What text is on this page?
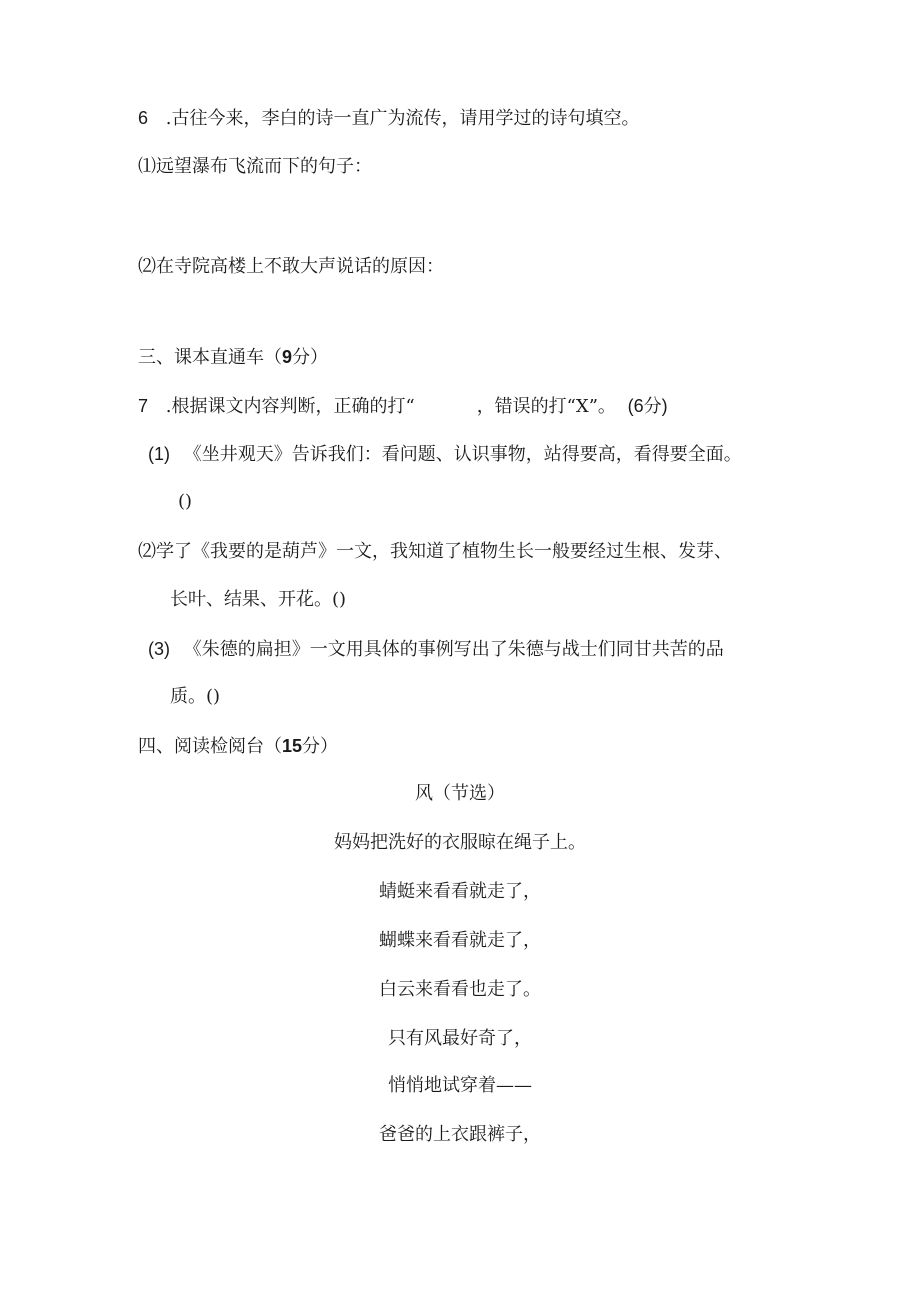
6 .古往今来，李白的诗一直广为流传，请用学过的诗句填空。
⑴远望瀑布飞流而下的句子：
⑵在寺院高楼上不敢大声说话的原因：
三、课本直通车（9分）
7 .根据课文内容判断，正确的打“	，错误的打“X”。 (6分)
(1) 《坐井观天》告诉我们：看问题、认识事物，站得要高，看得要全面。
()
⑵学了《我要的是葫芦》一文，我知道了植物生长一般要经过生根、发芽、
长叶、结果、开花。()
(3) 《朱德的扁担》一文用具体的事例写出了朱德与战士们同甘共苦的品
质。()
四、阅读检阅台（15分）
风（节选）
妈妈把洗好的衣服晾在绳子上。
蜻蜓来看看就走了，
蝴蝶来看看就走了，
白云来看看也走了。
只有风最好奇了，
悄悄地试穿着——
爸爸的上衣跟裤子，
